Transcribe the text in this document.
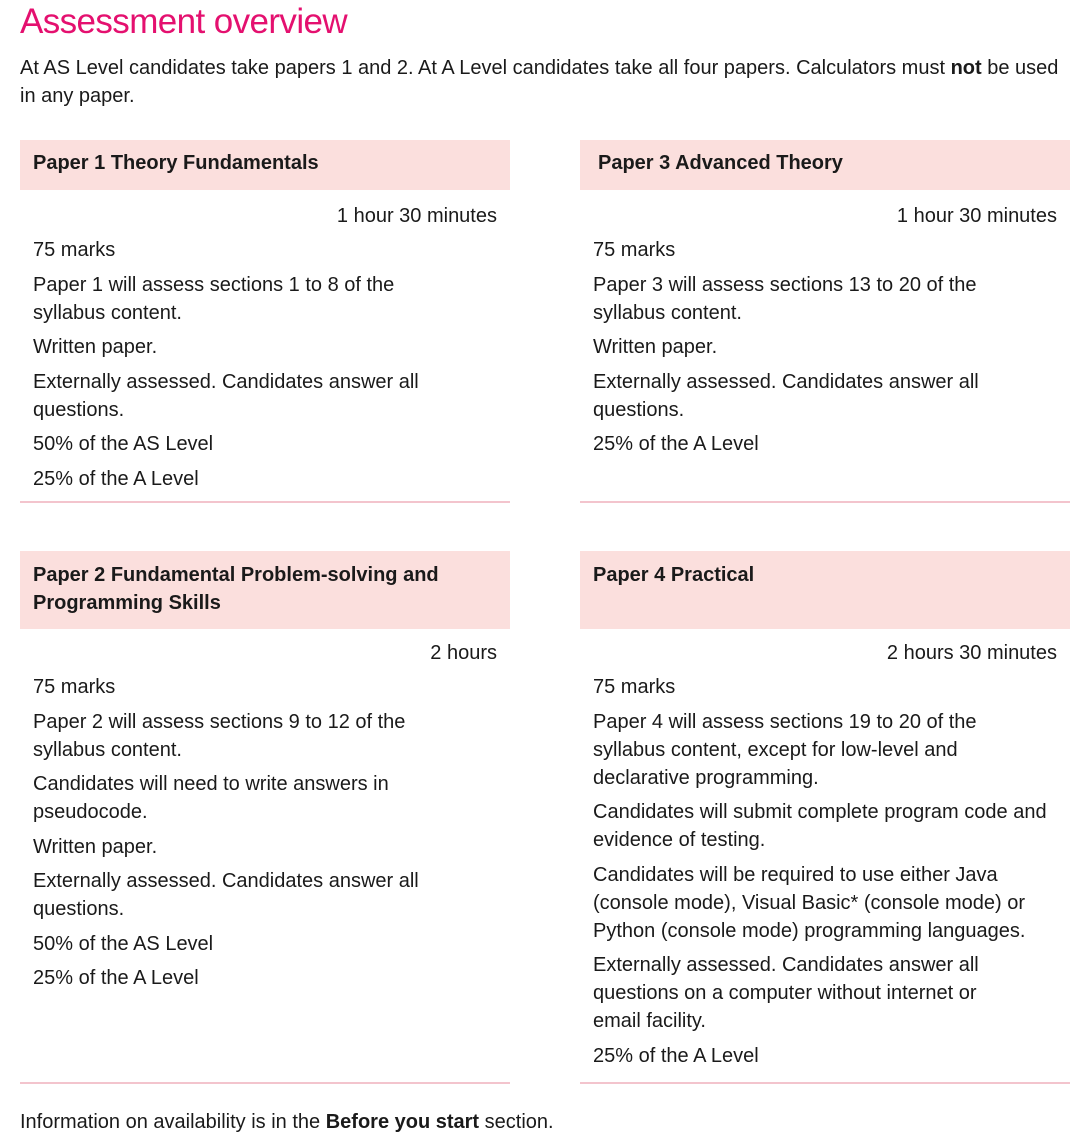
Assessment overview

At AS Level candidates take papers 1 and 2. At A Level candidates take all four papers. Calculators must not be used in any paper.

Paper 1 Theory Fundamentals
1 hour 30 minutes
75 marks
Paper 1 will assess sections 1 to 8 of the syllabus content.
Written paper.
Externally assessed. Candidates answer all questions.
50% of the AS Level
25% of the A Level
Paper 3 Advanced Theory
1 hour 30 minutes
75 marks
Paper 3 will assess sections 13 to 20 of the syllabus content.
Written paper.
Externally assessed. Candidates answer all questions.
25% of the A Level
Paper 2 Fundamental Problem-solving and Programming Skills
2 hours
75 marks
Paper 2 will assess sections 9 to 12 of the syllabus content.
Candidates will need to write answers in pseudocode.
Written paper.
Externally assessed. Candidates answer all questions.
50% of the AS Level
25% of the A Level
Paper 4 Practical
2 hours 30 minutes
75 marks
Paper 4 will assess sections 19 to 20 of the syllabus content, except for low-level and declarative programming.
Candidates will submit complete program code and evidence of testing.
Candidates will be required to use either Java (console mode), Visual Basic* (console mode) or Python (console mode) programming languages.
Externally assessed. Candidates answer all questions on a computer without internet or email facility.
25% of the A Level

Information on availability is in the Before you start section.
